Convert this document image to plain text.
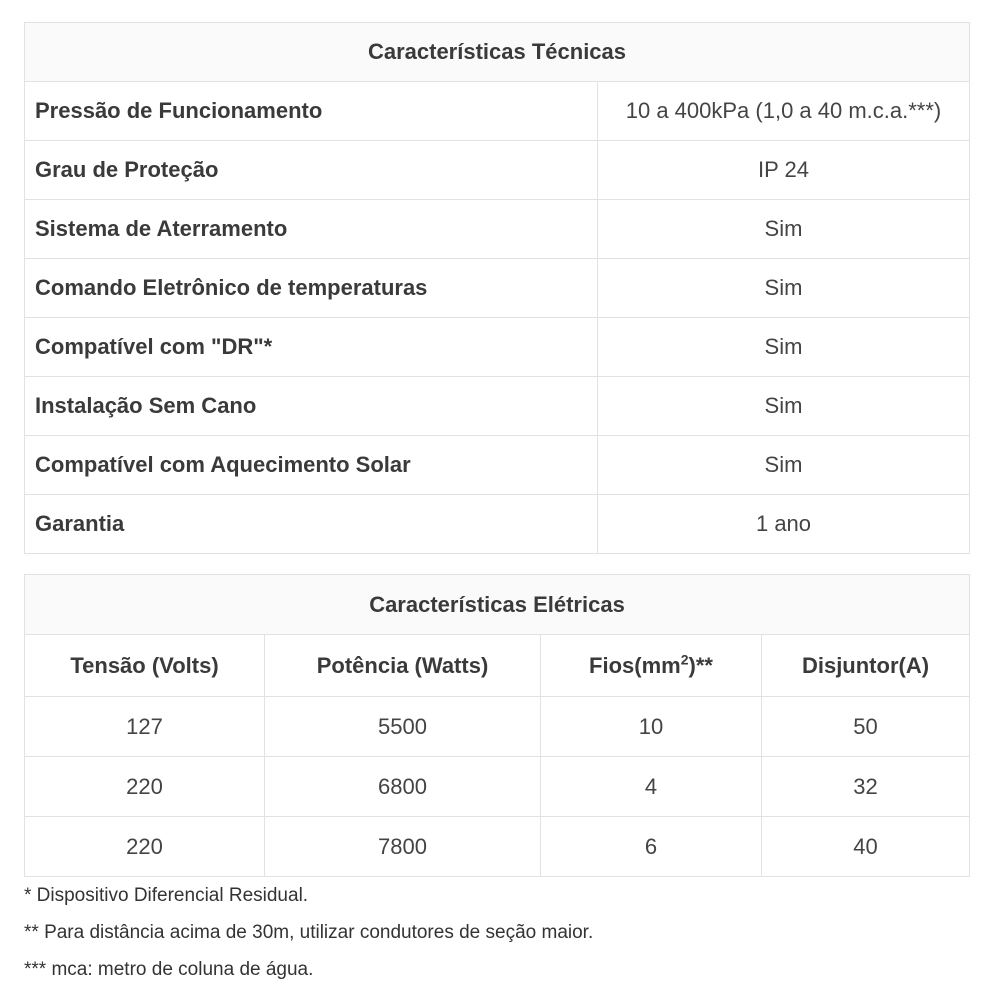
Características Técnicas	
Pressão de Funcionamento	10 a 400kPa (1,0 a 40 m.c.a.***)
Grau de Proteção	IP 24
Sistema de Aterramento	Sim
Comando Eletrônico de temperaturas	Sim
Compatível com "DR"*	Sim
Instalação Sem Cano	Sim
Compatível com Aquecimento Solar	Sim
Garantia	1 ano
Características Elétricas			
Tensão (Volts)	Potência (Watts)	$Fios(mm^2)**$	Disjuntor(A)
127	5500	10	50
220	6800	4	32
220	7800	6	40

* Dispositivo Diferencial Residual.

** Para distância acima de 30m, utilizar condutores de seção maior.

*** mca: metro de coluna de água.
